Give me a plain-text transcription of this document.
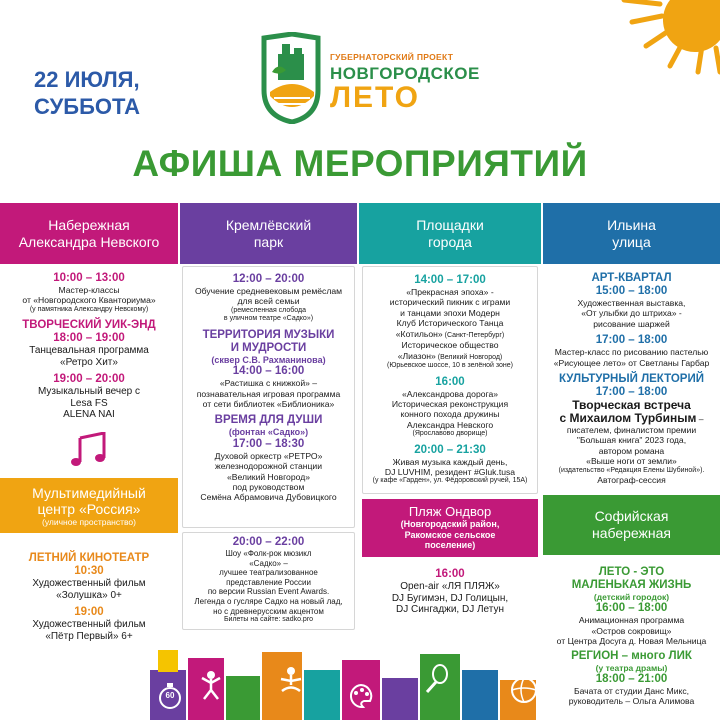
22 ИЮЛЯ,
СУББОТА
ГУБЕРНАТОРСКИЙ ПРОЕКТ
НОВГОРОДСКОЕ
ЛЕТО
АФИША МЕРОПРИЯТИЙ
Набережная
Александра Невского
Кремлёвский
парк
Площадки
города
Ильина
улица
10:00 – 13:00

Мастер-классы

от «Новгородского Кванториума»

(у памятника Александру Невскому)

ТВОРЧЕСКИЙ УИК-ЭНД
18:00 – 19:00

Танцевальная программа

«Ретро Хит»

19:00 – 20:00

Музыкальный вечер с

Lesa FS

ALENA NAI

Мультимедийный
центр «Россия»
(уличное пространство)
ЛЕТНИЙ КИНОТЕАТР
10:30

Художественный фильм

«Золушка» 0+

19:00

Художественный фильм

«Пётр Первый» 6+

12:00 – 20:00

Обучение средневековым ремёслам

для всей семьи

(ремесленная слобода

в уличном театре «Садко»)

ТЕРРИТОРИЯ МУЗЫКИ
И МУДРОСТИ
(сквер С.В. Рахманинова)
14:00 – 16:00

«Растишка с книжкой» –

познавательная игровая программа

от сети библиотек «Библионика»

ВРЕМЯ ДЛЯ ДУШИ
(фонтан «Садко»)
17:00 – 18:30

Духовой оркестр «РЕТРО»

железнодорожной станции

«Великий Новгород»

под руководством

Семёна Абрамовича Дубовицкого

20:00 – 22:00

Шоу «Фолк-рок мюзикл

«Садко» –

лучшее театрализованное

представление России

по версии Russian Event Awards.

Легенда о гусляре Садко на новый лад,

но с древнерусским акцентом

Билеты на сайте: sadko.pro

14:00 – 17:00

«Прекрасная эпоха» -

исторический пикник с играми

и танцами эпохи Модерн

Клуб Исторического Танца

«Котильон» (Санкт-Петербург)

Историческое общество

«Лиазон» (Великий Новгород)

(Юрьевское шоссе, 10 в зелёной зоне)

16:00

«Александрова дорога»

Историческая реконструкция

конного похода дружины

Александра Невского

(Ярославово дворище)

20:00 – 21:30

Живая музыка каждый день,

DJ LUVHIM, резидент #Gluk.tusa

(у кафе «Гарден», ул. Фёдоровский ручей, 15А)

Пляж Ондвор
(Новгородский район,
Ракомское сельское
поселение)
16:00

Open-air «ЛЯ ПЛЯЖ»

DJ Бугимэн, DJ Голицын,

DJ Сингаджи, DJ Летун

АРТ-КВАРТАЛ
15:00 – 18:00

Художественная выставка,

«От улыбки до штриха» -

рисование шаржей

17:00 – 18:00

Мастер-класс по рисованию пастелью

«Рисующее лето» от Светланы Гарбар

КУЛЬТУРНЫЙ ЛЕКТОРИЙ
17:00 – 18:00

Творческая встреча

с Михаилом Турбиным –

писателем, финалистом премии

"Большая книга" 2023 года,

автором романа

«Выше ноги от земли»

(издательство «Редакция Елены Шубиной»).

Автограф-сессия

Софийская
набережная
ЛЕТО - ЭТО
МАЛЕНЬКАЯ ЖИЗНЬ
(детский городок)
16:00 – 18:00

Анимационная программа

«Остров сокровищ»

от Центра Досуга д. Новая Мельница

РЕГИОН – много ЛИК
(у театра драмы)
18:00 – 21:00

Бачата от студии Данс Микс,

руководитель – Ольга Алимова

60
